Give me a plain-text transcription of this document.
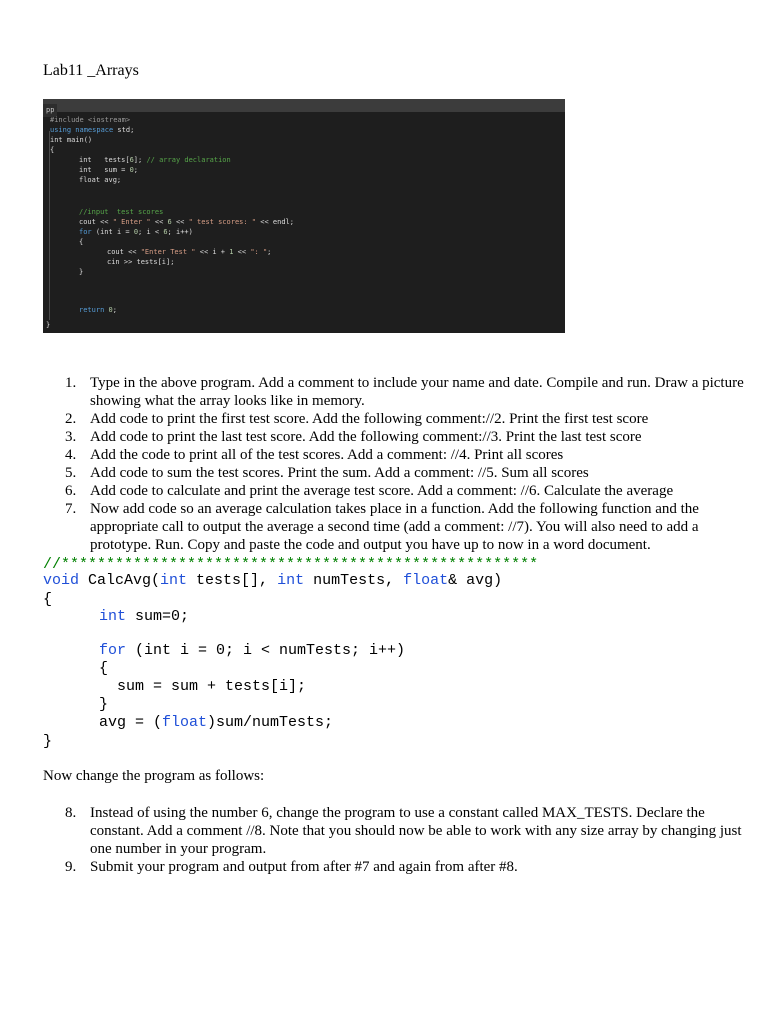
Lab11 _Arrays
pp
#include <iostream>
using namespace std;
int main()
{
int   tests[6]; // array declaration
int   sum = 0;
float avg;
//input  test scores
cout << " Enter " << 6 << " test scores: " << endl;
for (int i = 0; i < 6; i++)
{
cout << "Enter Test " << i + 1 << ": ";
cin >> tests[i];
}
return 0;
}
1. Type in the above program. Add a comment to include your name and date. Compile and run. Draw a picture showing what the array looks like in memory.
2. Add code to print the first test score. Add the following comment://2. Print the first test score
3. Add code to print the last test score. Add the following comment://3. Print the last test score
4. Add the code to print all of the test scores. Add a comment: //4. Print all scores
5. Add code to sum the test scores. Print the sum. Add a comment: //5. Sum all scores
6. Add code to calculate and print the average test score. Add a comment: //6. Calculate the average
7. Now add code so an average calculation takes place in a function. Add the following function and the appropriate call to output the average a second time (add a comment: //7). You will also need to add a prototype. Run. Copy and paste the code and output you have up to now in a word document.
//*****************************************************
void CalcAvg(int tests[], int numTests, float& avg)
{
int sum=0;
for (int i = 0; i < numTests; i++)
{
sum = sum + tests[i];
}
avg = (float)sum/numTests;
}
Now change the program as follows:
8. Instead of using the number 6, change the program to use a constant called MAX_TESTS. Declare the constant. Add a comment //8. Note that you should now be able to work with any size array by changing just one number in your program.
9. Submit your program and output from after #7 and again from after #8.
